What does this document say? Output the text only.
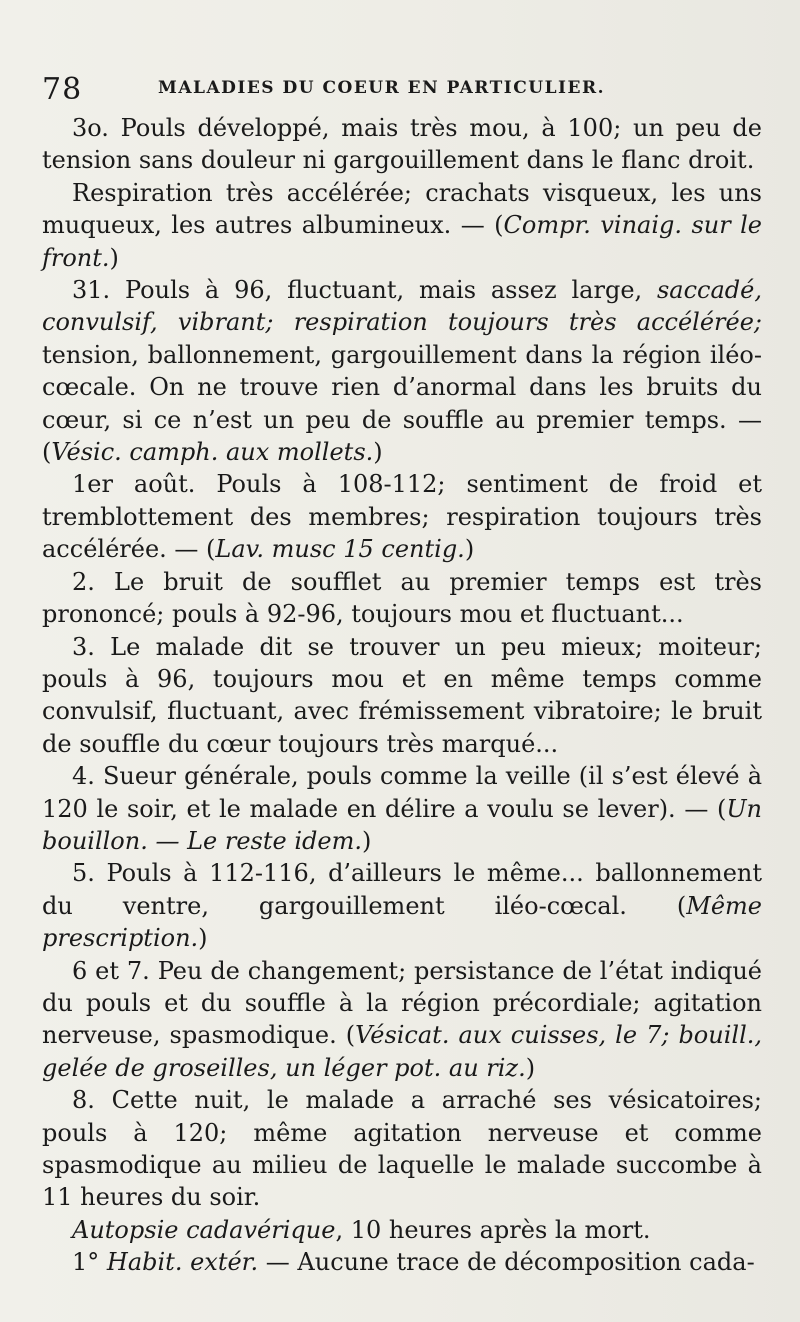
78	MALADIES DU COEUR EN PARTICULIER.

3o. Pouls développé, mais très mou, à 100; un peu de tension sans douleur ni gargouillement dans le flanc droit.

Respiration très accélérée; crachats visqueux, les uns muqueux, les autres albumineux. — (Compr. vinaig. sur le front.)

31. Pouls à 96, fluctuant, mais assez large, saccadé, convulsif, vibrant; respiration toujours très accélérée; tension, ballonnement, gargouillement dans la région iléo-cœcale. On ne trouve rien d’anormal dans les bruits du cœur, si ce n’est un peu de souffle au premier temps. — (Vésic. camph. aux mollets.)

1er août. Pouls à 108-112; sentiment de froid et tremblottement des membres; respiration toujours très accélérée. — (Lav. musc 15 centig.)

2. Le bruit de soufflet au premier temps est très prononcé; pouls à 92-96, toujours mou et fluctuant...

3. Le malade dit se trouver un peu mieux; moiteur; pouls à 96, toujours mou et en même temps comme convulsif, fluctuant, avec frémissement vibratoire; le bruit de souffle du cœur toujours très marqué...

4. Sueur générale, pouls comme la veille (il s’est élevé à 120 le soir, et le malade en délire a voulu se lever). — (Un bouillon. — Le reste idem.)

5. Pouls à 112-116, d’ailleurs le même... ballonnement du ventre, gargouillement iléo-cœcal. (Même prescription.)

6 et 7. Peu de changement; persistance de l’état indiqué du pouls et du souffle à la région précordiale; agitation nerveuse, spasmodique. (Vésicat. aux cuisses, le 7; bouill., gelée de groseilles, un léger pot. au riz.)

8. Cette nuit, le malade a arraché ses vésicatoires; pouls à 120; même agitation nerveuse et comme spasmodique au milieu de laquelle le malade succombe à 11 heures du soir.

Autopsie cadavérique, 10 heures après la mort.

1° Habit. extér. — Aucune trace de décomposition cada-
